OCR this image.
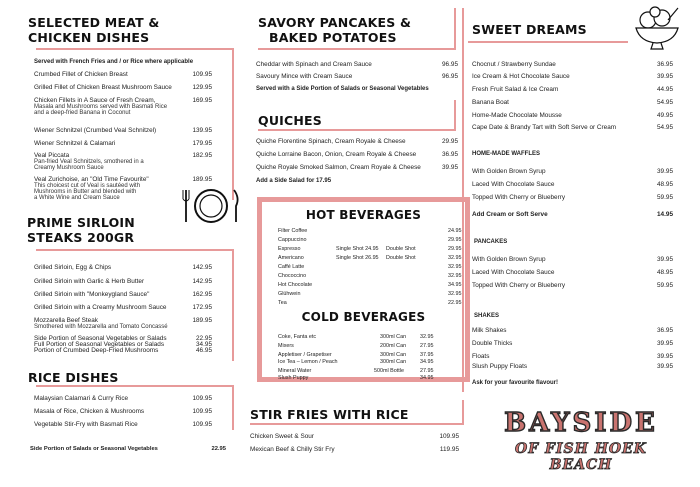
SELECTED MEAT &
CHICKEN DISHES
Served with French Fries and / or Rice where applicable
Crumbed Fillet of Chicken Breast	109.95
Grilled Fillet of Chicken Breast Mushroom Sauce	129.95
Chicken Fillets in A Sauce of Fresh Cream,	169.95
Masala and Mushrooms served with Basmati Rice
and a deep-fried Banana in Coconut
Wiener Schnitzel (Crumbed Veal Schnitzel)	139.95
Wiener Schnitzel & Calamari	179.95
Veal Piccata	182.95
Pan-fried Veal Schnitzels, smothered in a
Creamy Mushroom Sauce
Veal Zurichoise, an "Old Time Favourite"	189.95
This choicest cut of Veal is sautéed with
Mushrooms in Butter and blended with
a White Wine and Cream Sauce
PRIME SIRLOIN
STEAKS 200GR
Grilled Sirloin, Egg & Chips	142.95
Grilled Sirloin with Garlic & Herb Butter	142.95
Grilled Sirloin with "Monkeygland Sauce"	162.95
Grilled Sirloin with a Creamy Mushroom Sauce	172.95
Mozzarella Beef Steak	189.95
Smothered with Mozzarella and Tomato Concassé
Side Portion of Seasonal Vegetables or Salads	22.95
Full Portion of Seasonal Vegetables or Salads	34.95
Portion of Crumbed Deep-Fried Mushrooms	46.95
RICE DISHES
Malaysian Calamari & Curry Rice	109.95
Masala of Rice, Chicken & Mushrooms	109.95
Vegetable Stir-Fry with Basmati Rice	109.95
Side Portion of Salads or Seasonal Vegetables	22.95
SAVORY PANCAKES &
BAKED POTATOES
Cheddar with Spinach and Cream Sauce	96.95
Savoury Mince with Cream Sauce	96.95
Served with a Side Portion of Salads or Seasonal Vegetables
QUICHES
Quiche Florentine Spinach, Cream Royale & Cheese	29.95
Quiche Lorraine Bacon, Onion, Cream Royale & Cheese	36.95
Quiche Royale Smoked Salmon, Cream Royale & Cheese	39.95
Add a Side Salad for 17.95
HOT BEVERAGES
Filter Coffee	24.95
Cappuccino	29.95
Espresso	Single Shot 24.95 Double Shot	29.95
Americano	Single Shot 26.95 Double Shot	32.95
Caffé Latte	32.95
Chococcino	32.95
Hot Chocolate	34.95
Glühwein	32.95
Tea	22.95
COLD BEVERAGES
Coke, Fanta etc	300ml Can	32.95
Mixers	200ml Can	27.95
Appletiser / Grapetiser	300ml Can	37.95
Ice Tea – Lemon / Peach	300ml Can	34.95
Mineral Water	500ml Bottle	27.95
Slush Puppy	34.95
STIR FRIES WITH RICE
Chicken Sweet & Sour	109.95
Mexican Beef & Chilly Stir Fry	119.95
SWEET DREAMS
Chocnut / Strawberry Sundae	36.95
Ice Cream & Hot Chocolate Sauce	39.95
Fresh Fruit Salad & Ice Cream	44.95
Banana Boat	54.95
Home-Made Chocolate Mousse	49.95
Cape Date & Brandy Tart with Soft Serve or Cream	54.95
HOME-MADE WAFFLES
With Golden Brown Syrup	39.95
Laced With Chocolate Sauce	48.95
Topped With Cherry or Blueberry	59.95
Add Cream or Soft Serve	14.95
PANCAKES
With Golden Brown Syrup	39.95
Laced With Chocolate Sauce	48.95
Topped With Cherry or Blueberry	59.95
SHAKES
Milk Shakes	36.95
Double Thicks	39.95
Floats	39.95
Slush Puppy Floats	39.95
Ask for your favourite flavour!
BAYSIDE
OF FISH HOEK BEACH
